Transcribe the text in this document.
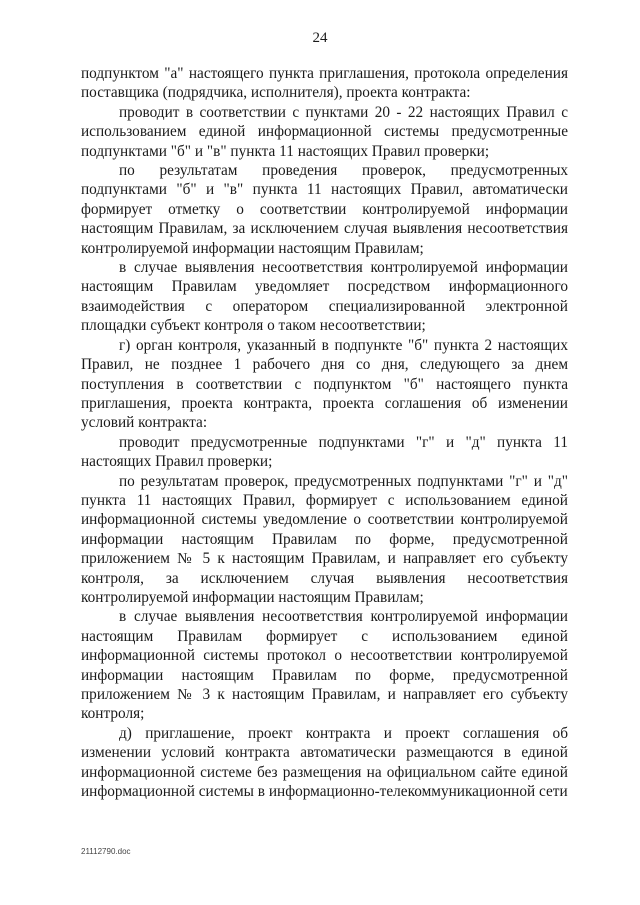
24

подпунктом "а" настоящего пункта приглашения, протокола определения поставщика (подрядчика, исполнителя), проекта контракта:

проводит в соответствии с пунктами 20 - 22 настоящих Правил с использованием единой информационной системы предусмотренные подпунктами "б" и "в" пункта 11 настоящих Правил проверки;

по результатам проведения проверок, предусмотренных подпунктами "б" и "в" пункта 11 настоящих Правил, автоматически формирует отметку о соответствии контролируемой информации настоящим Правилам, за исключением случая выявления несоответствия контролируемой информации настоящим Правилам;

в случае выявления несоответствия контролируемой информации настоящим Правилам уведомляет посредством информационного взаимодействия с оператором специализированной электронной площадки субъект контроля о таком несоответствии;

г) орган контроля, указанный в подпункте "б" пункта 2 настоящих Правил, не позднее 1 рабочего дня со дня, следующего за днем поступления в соответствии с подпунктом "б" настоящего пункта приглашения, проекта контракта, проекта соглашения об изменении условий контракта:

проводит предусмотренные подпунктами "г" и "д" пункта 11 настоящих Правил проверки;

по результатам проверок, предусмотренных подпунктами "г" и "д" пункта 11 настоящих Правил, формирует с использованием единой информационной системы уведомление о соответствии контролируемой информации настоящим Правилам по форме, предусмотренной приложением № 5 к настоящим Правилам, и направляет его субъекту контроля, за исключением случая выявления несоответствия контролируемой информации настоящим Правилам;

в случае выявления несоответствия контролируемой информации настоящим Правилам формирует с использованием единой информационной системы протокол о несоответствии контролируемой информации настоящим Правилам по форме, предусмотренной приложением № 3 к настоящим Правилам, и направляет его субъекту контроля;

д) приглашение, проект контракта и проект соглашения об изменении условий контракта автоматически размещаются в единой информационной системе без размещения на официальном сайте единой информационной системы в информационно-телекоммуникационной сети

21112790.doc
